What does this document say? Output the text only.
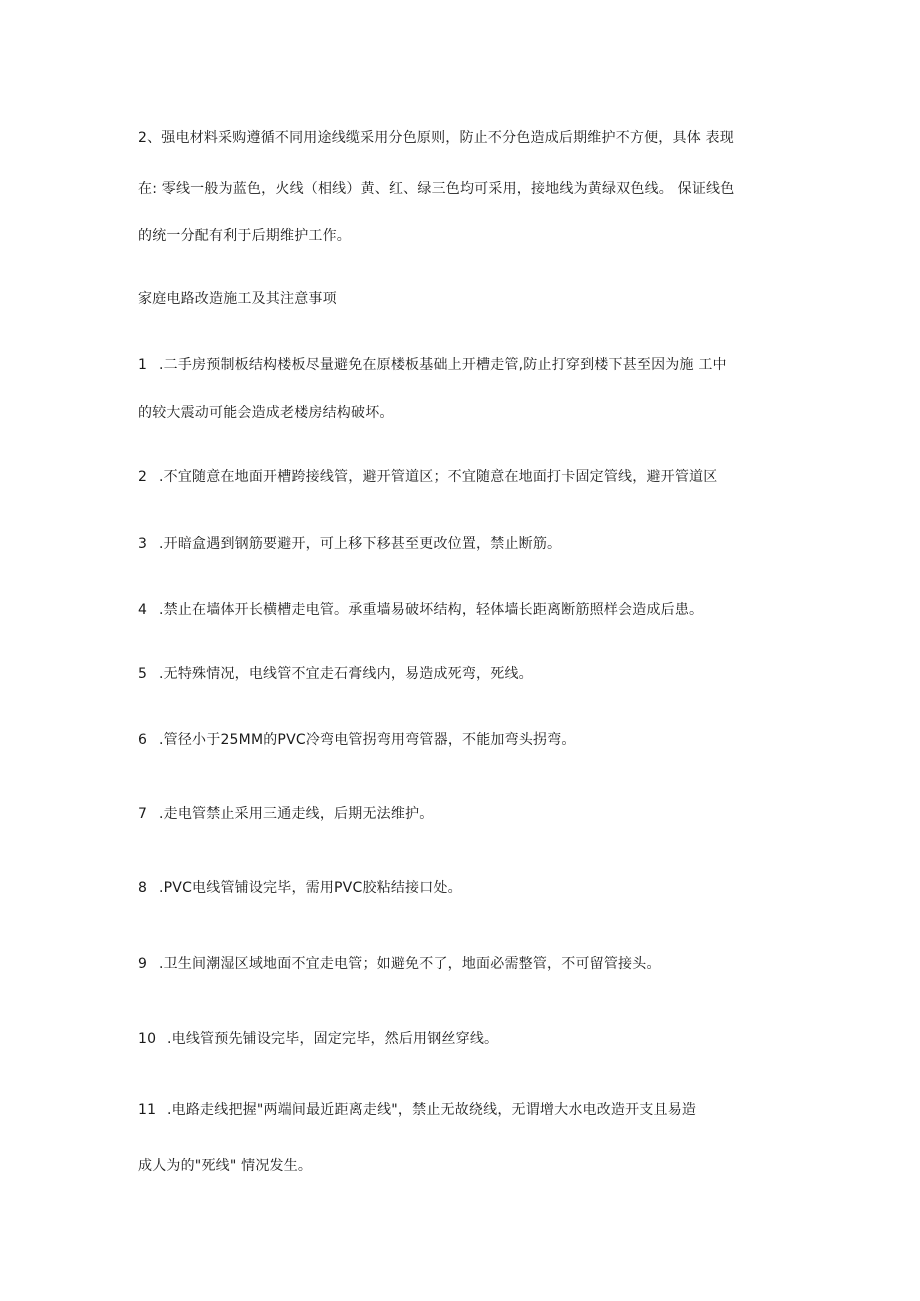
2、强电材料采购遵循不同用途线缆采用分色原则，防止不分色造成后期维护不方便，具体 表现
在: 零线一般为蓝色，火线（相线）黄、红、绿三色均可采用，接地线为黄绿双色线。 保证线色
的统一分配有利于后期维护工作。
家庭电路改造施工及其注意事项
1 .二手房预制板结构楼板尽量避免在原楼板基础上开槽走管,防止打穿到楼下甚至因为施 工中
的较大震动可能会造成老楼房结构破坏。
2 .不宜随意在地面开槽跨接线管，避开管道区；不宜随意在地面打卡固定管线，避开管道区
3 .开暗盒遇到钢筋要避开，可上移下移甚至更改位置，禁止断筋。
4 .禁止在墙体开长横槽走电管。承重墙易破坏结构，轻体墙长距离断筋照样会造成后患。
5 .无特殊情况，电线管不宜走石膏线内，易造成死弯，死线。
6 .管径小于25MM的PVC冷弯电管拐弯用弯管器，不能加弯头拐弯。
7 .走电管禁止采用三通走线，后期无法维护。
8 .PVC电线管铺设完毕，需用PVC胶粘结接口处。
9 .卫生间潮湿区域地面不宜走电管；如避免不了，地面必需整管，不可留管接头。
10 .电线管预先铺设完毕，固定完毕，然后用钢丝穿线。
11 .电路走线把握"两端间最近距离走线"，禁止无故绕线，无谓增大水电改造开支且易造
成人为的"死线" 情况发生。
